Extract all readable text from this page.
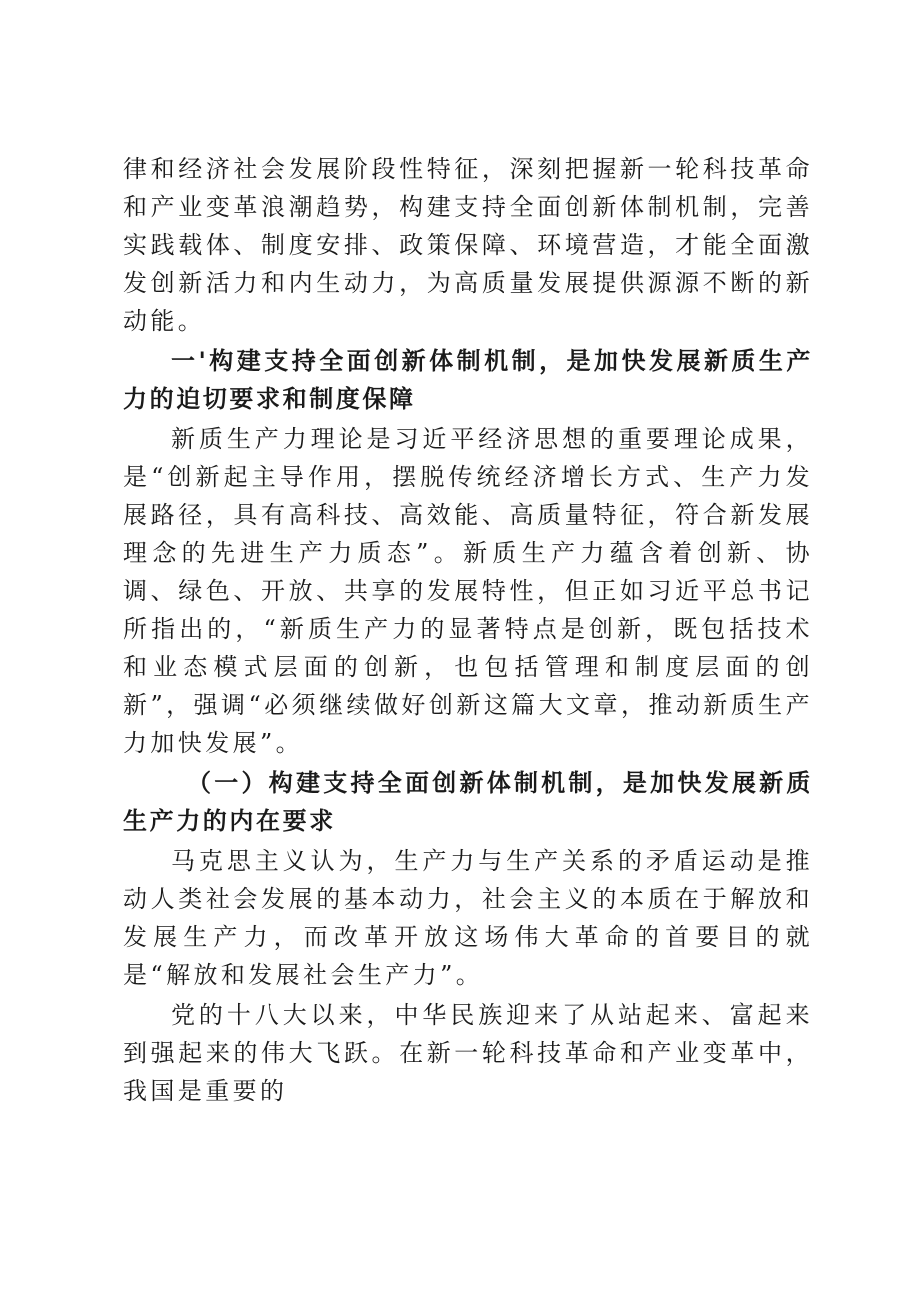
律和经济社会发展阶段性特征，深刻把握新一轮科技革命和产业变革浪潮趋势，构建支持全面创新体制机制，完善实践载体、制度安排、政策保障、环境营造，才能全面激发创新活力和内生动力，为高质量发展提供源源不断的新动能。

一'构建支持全面创新体制机制，是加快发展新质生产力的迫切要求和制度保障

新质生产力理论是习近平经济思想的重要理论成果，是“创新起主导作用，摆脱传统经济增长方式、生产力发展路径，具有高科技、高效能、高质量特征，符合新发展理念的先进生产力质态”。新质生产力蕴含着创新、协调、绿色、开放、共享的发展特性，但正如习近平总书记所指出的，“新质生产力的显著特点是创新，既包括技术和业态模式层面的创新，也包括管理和制度层面的创新”，强调“必须继续做好创新这篇大文章，推动新质生产力加快发展”。

（一）构建支持全面创新体制机制，是加快发展新质生产力的内在要求

马克思主义认为，生产力与生产关系的矛盾运动是推动人类社会发展的基本动力，社会主义的本质在于解放和发展生产力，而改革开放这场伟大革命的首要目的就是“解放和发展社会生产力”。

党的十八大以来，中华民族迎来了从站起来、富起来到强起来的伟大飞跃。在新一轮科技革命和产业变革中，我国是重要的
